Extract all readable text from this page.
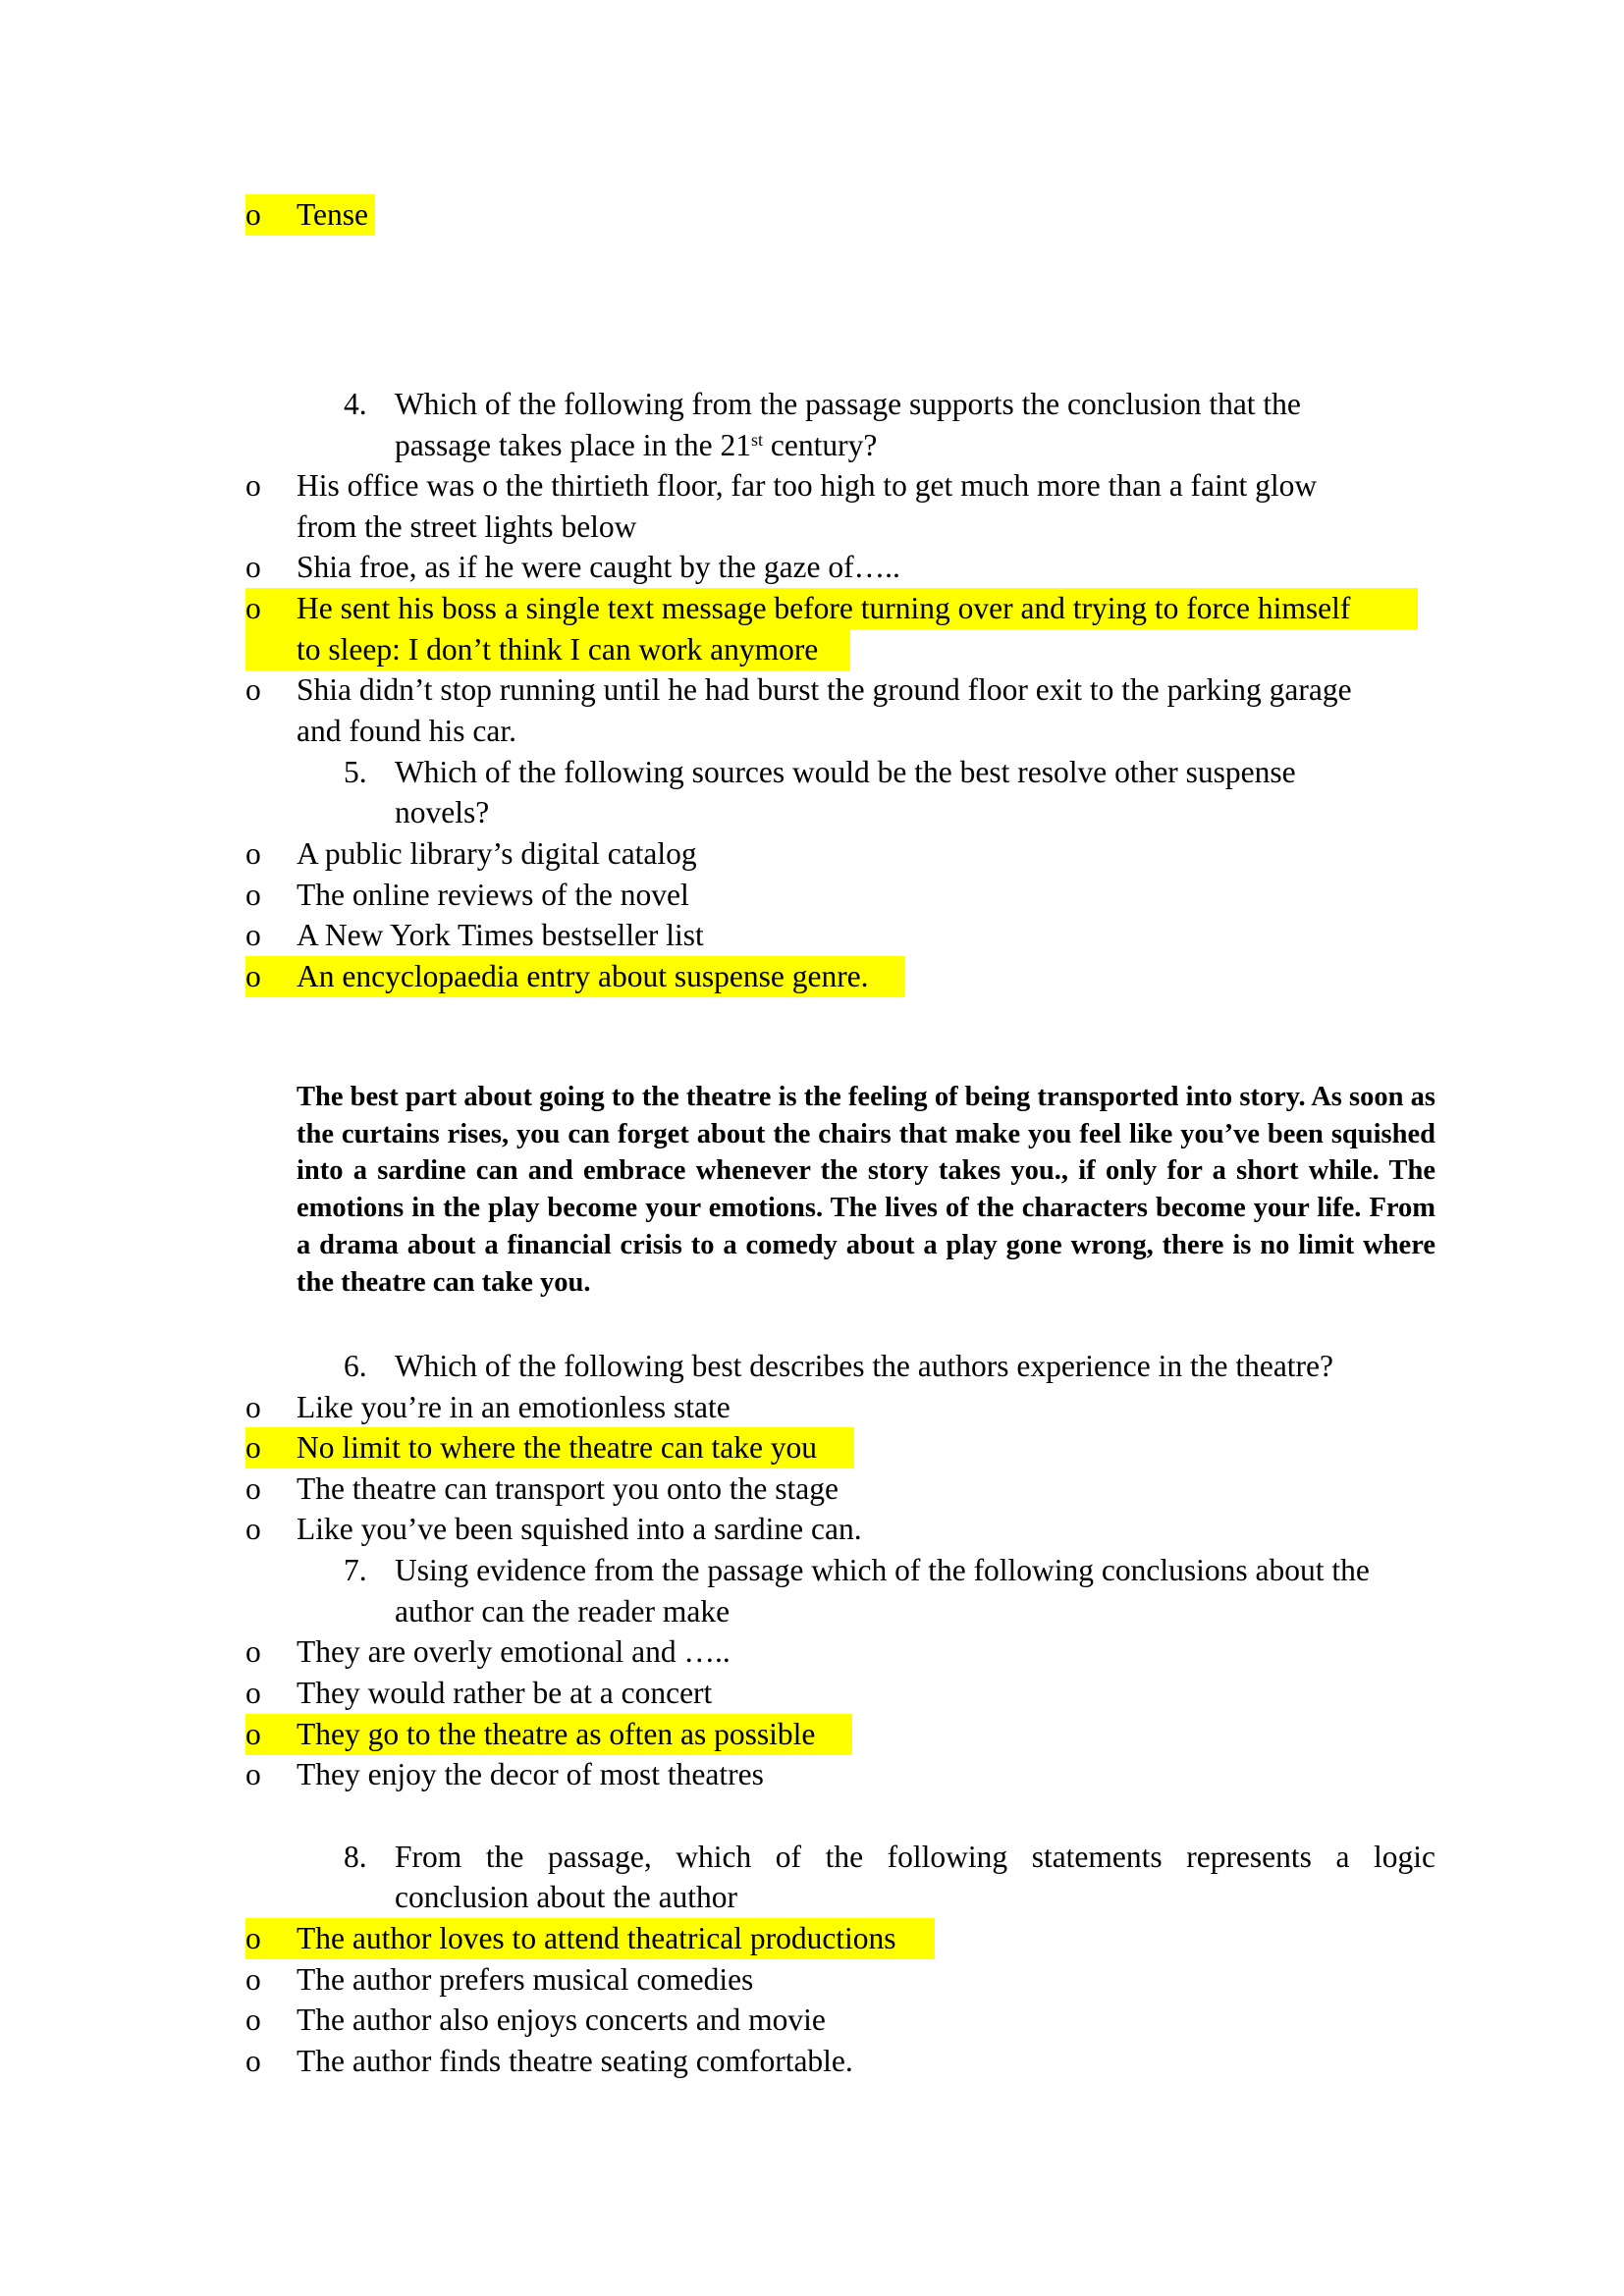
o Tense
4. Which of the following from the passage supports the conclusion that the
passage takes place in the 21st century?
o His office was o the thirtieth floor, far too high to get much more than a faint glow
from the street lights below
o Shia froe, as if he were caught by the gaze of…..
o He sent his boss a single text message before turning over and trying to force himself
to sleep: I don’t think I can work anymore
o Shia didn’t stop running until he had burst the ground floor exit to the parking garage
and found his car.
5. Which of the following sources would be the best resolve other suspense
novels?
o A public library’s digital catalog
o The online reviews of the novel
o A New York Times bestseller list
o An encyclopaedia entry about suspense genre.
The best part about going to the theatre is the feeling of being transported into story. As soon as the curtains rises, you can forget about the chairs that make you feel like you’ve been squished into a sardine can and embrace whenever the story takes you., if only for a short while. The emotions in the play become your emotions. The lives of the characters become your life. From a drama about a financial crisis to a comedy about a play gone wrong, there is no limit where the theatre can take you.
6. Which of the following best describes the authors experience in the theatre?
o Like you’re in an emotionless state
o No limit to where the theatre can take you
o The theatre can transport you onto the stage
o Like you’ve been squished into a sardine can.
7. Using evidence from the passage which of the following conclusions about the
author can the reader make
o They are overly emotional and …..
o They would rather be at a concert
o They go to the theatre as often as possible
o They enjoy the decor of most theatres
8. From the passage, which of the following statements represents a logic
conclusion about the author
o The author loves to attend theatrical productions
o The author prefers musical comedies
o The author also enjoys concerts and movie
o The author finds theatre seating comfortable.
